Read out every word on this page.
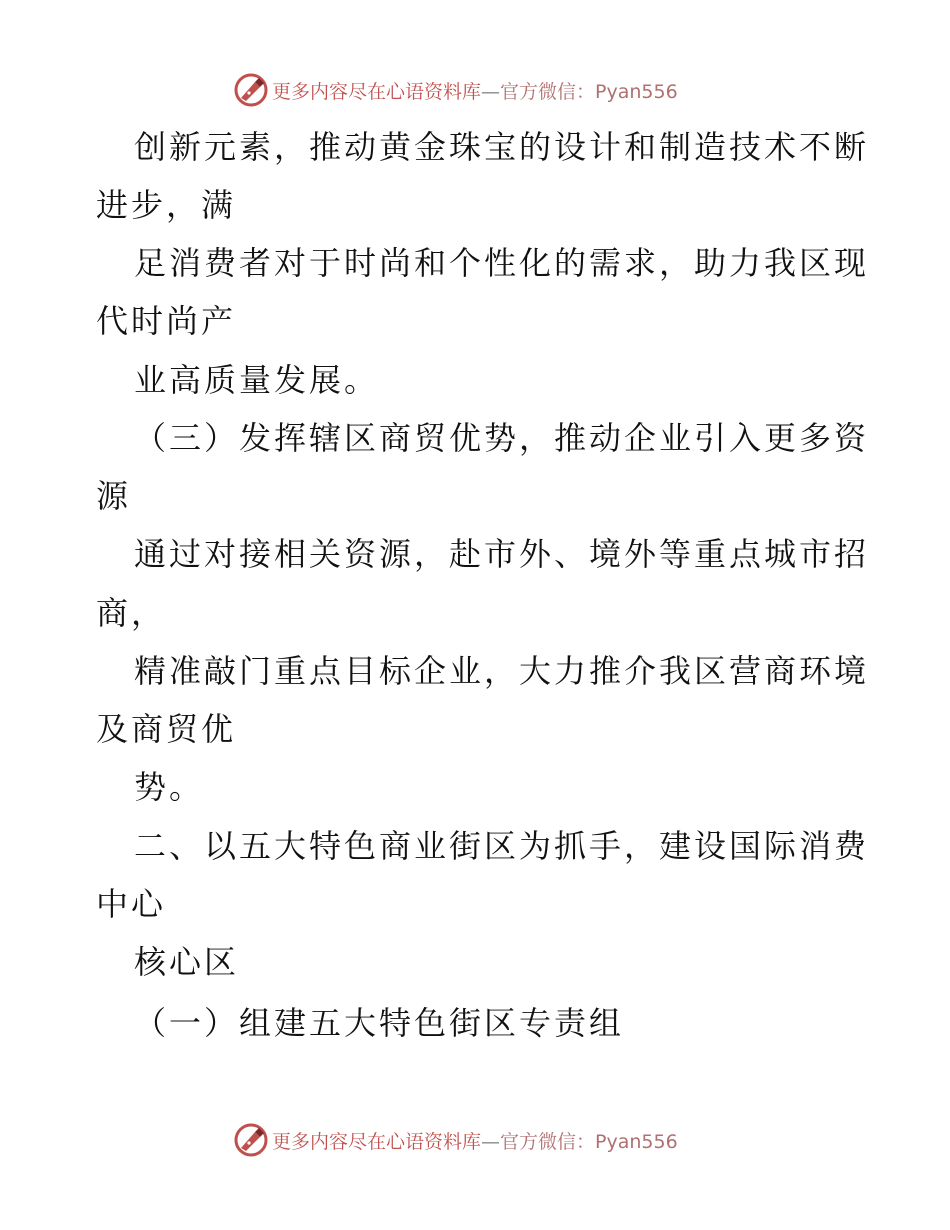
更多内容尽在心语资料库—官方微信：Pyan556
创新元素，推动黄金珠宝的设计和制造技术不断
进步，满
足消费者对于时尚和个性化的需求，助力我区现
代时尚产
业高质量发展。
（三）发挥辖区商贸优势，推动企业引入更多资
源
通过对接相关资源，赴市外、境外等重点城市招
商，
精准敲门重点目标企业，大力推介我区营商环境
及商贸优
势。
二、以五大特色商业街区为抓手，建设国际消费
中心
核心区
（一）组建五大特色街区专责组
更多内容尽在心语资料库—官方微信：Pyan556
